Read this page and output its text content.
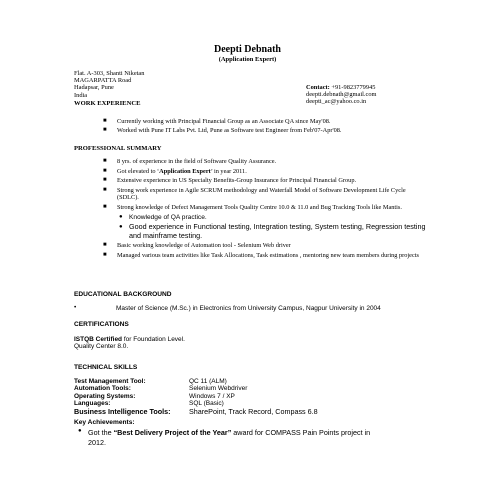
Deepti Debnath
(Application Expert)
Flat. A-303, Shanti Niketan
MAGARPATTA Road
Hadapsar, Pune
India
Contact: +91-9823779945
deepti.debnath@gmail.com
deepti_ac@yahoo.co.in
WORK EXPERIENCE
■ Currently working with Principal Financial Group as an Associate QA since May'08.
■ Worked with Pune IT Labs Pvt. Ltd, Pune as Software test Engineer from Feb'07-Apr'08.
PROFESSIONAL SUMMARY
■ 8 yrs. of experience in the field of Software Quality Assurance.
■ Got elevated to ‘Application Expert’ in year 2011.
■ Extensive experience in US Specialty Benefits-Group Insurance for Principal Financial Group.
■ Strong work experience in Agile SCRUM methodology and Waterfall Model of Software Development Life Cycle (SDLC).
■ Strong knowledge of Defect Management Tools Quality Centre 10.0 & 11.0 and Bug Tracking Tools like Mantis.
● Knowledge of QA practice.
● Good experience in Functional testing, Integration testing, System testing, Regression testing and mainframe testing.
■ Basic working knowledge of Automation tool - Selenium Web driver
■ Managed various team activities like Task Allocations, Task estimations , mentoring new team members during projects
EDUCATIONAL BACKGROUND
•	Master of Science (M.Sc.) in Electronics from University Campus, Nagpur University in 2004
CERTIFICATIONS
ISTQB Certified for Foundation Level.
Quality Center 8.0.
TECHNICAL SKILLS
Test Management Tool:	QC 11 (ALM)
Automation Tools:	Selenium Webdriver
Operating Systems:	Windows 7 / XP
Languages:	SQL (Basic)
Business Intelligence Tools:	SharePoint, Track Record, Compass 6.8
Key Achievements:
● Got the “Best Delivery Project of the Year” award for COMPASS Pain Points project in
2012.
